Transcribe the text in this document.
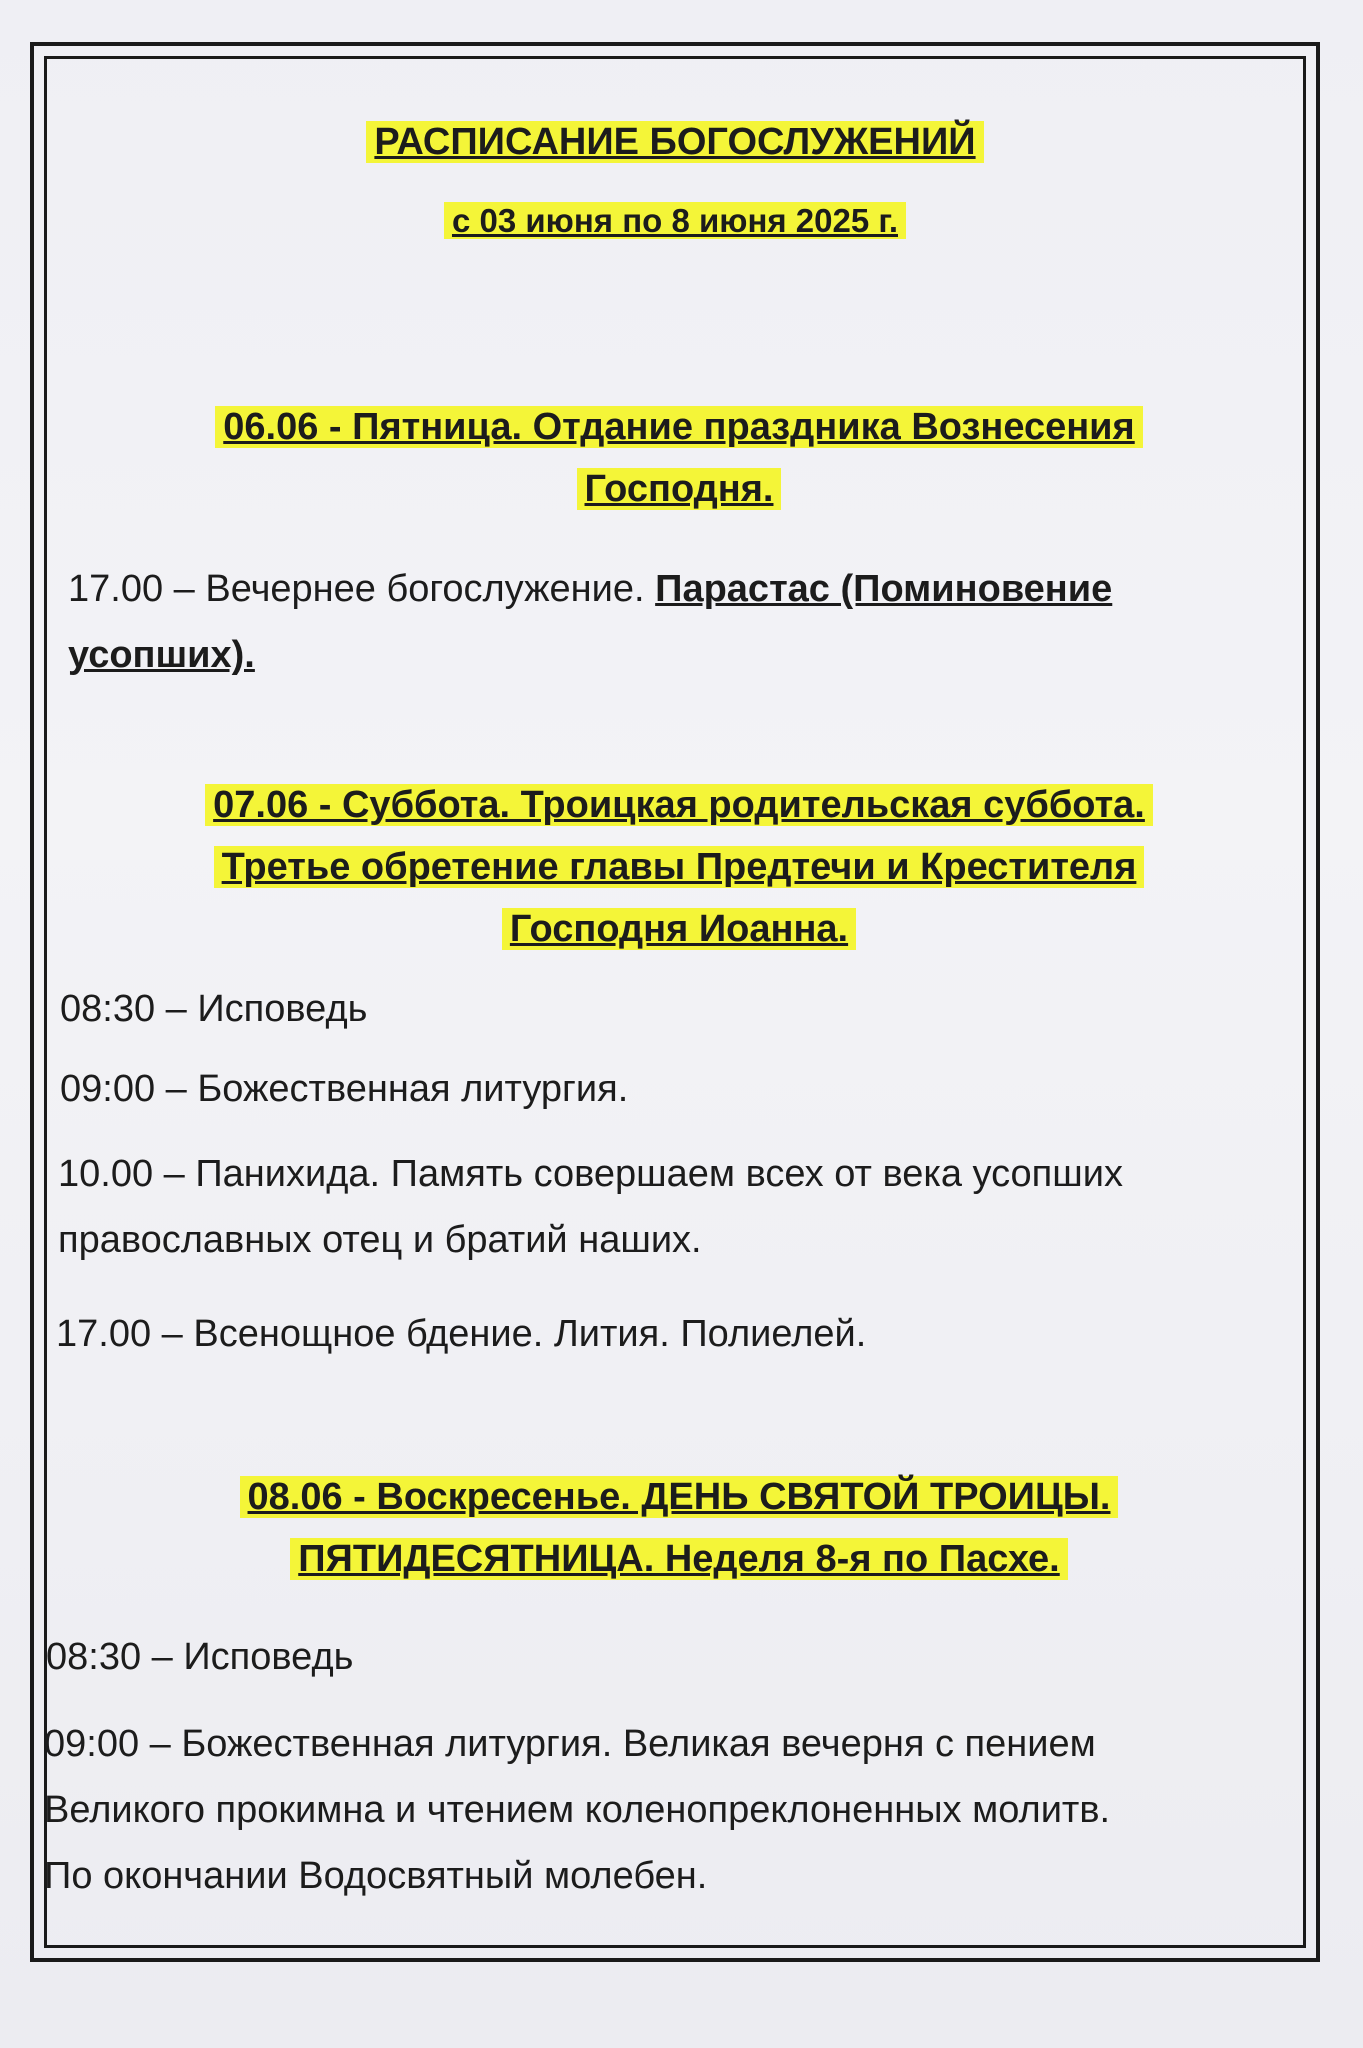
РАСПИСАНИЕ БОГОСЛУЖЕНИЙ
с 03 июня по 8 июня 2025 г.
06.06 - Пятница. Отдание праздника Вознесения
Господня.
17.00 – Вечернее богослужение. Парастас (Поминовение
усопших).
07.06 - Суббота. Троицкая родительская суббота.
Третье обретение главы Предтечи и Крестителя
Господня Иоанна.
08:30 – Исповедь
09:00 – Божественная литургия.
10.00 – Панихида. Память совершаем всех от века усопших
православных отец и братий наших.
17.00 – Всенощное бдение. Лития. Полиелей.
08.06 - Воскресенье. ДЕНЬ СВЯТОЙ ТРОИЦЫ.
ПЯТИДЕСЯТНИЦА. Неделя 8-я по Пасхе.
08:30 – Исповедь
09:00 – Божественная литургия. Великая вечерня с пением
Великого прокимна и чтением коленопреклоненных молитв.
По окончании Водосвятный молебен.
